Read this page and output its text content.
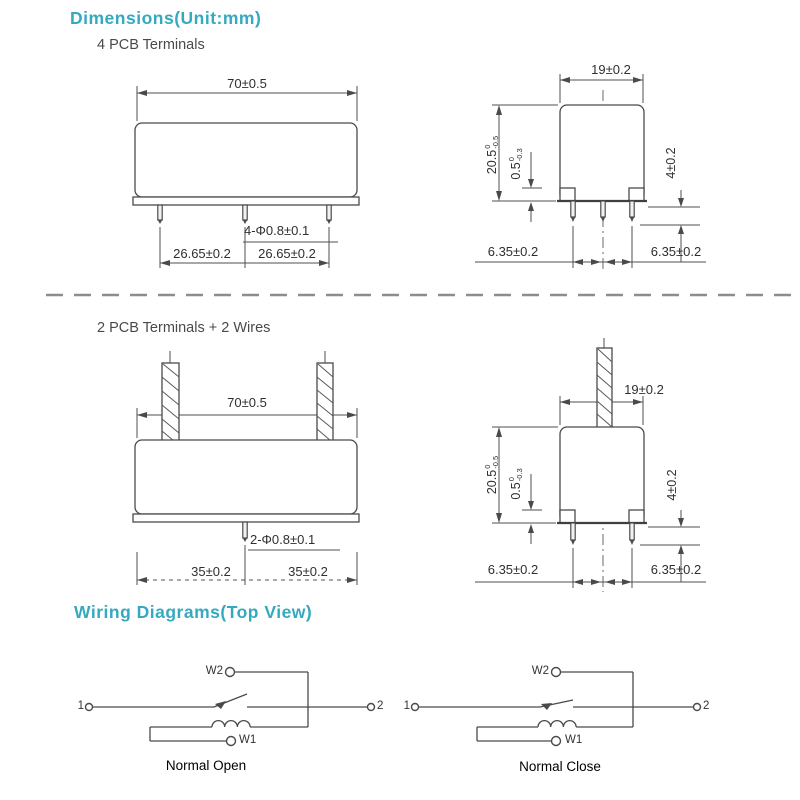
Dimensions(Unit:mm)
4 PCB Terminals
70±0.5
4-Φ0.8±0.1
26.65±0.2	26.65±0.2
19±0.2
20.5
0
-0.5
0.5
0
-0.3	4±0.2
6.35±0.2	6.35±0.2
2 PCB Terminals + 2 Wires
70±0.5
2-Φ0.8±0.1
35±0.2	35±0.2
19±0.2
20.5
0
-0.5
0.5
0
-0.3	4±0.2
6.35±0.2	6.35±0.2
Wiring Diagrams(Top View)
W2
1	2
W1
Normal Open
W2
1	2
W1
Normal Close
